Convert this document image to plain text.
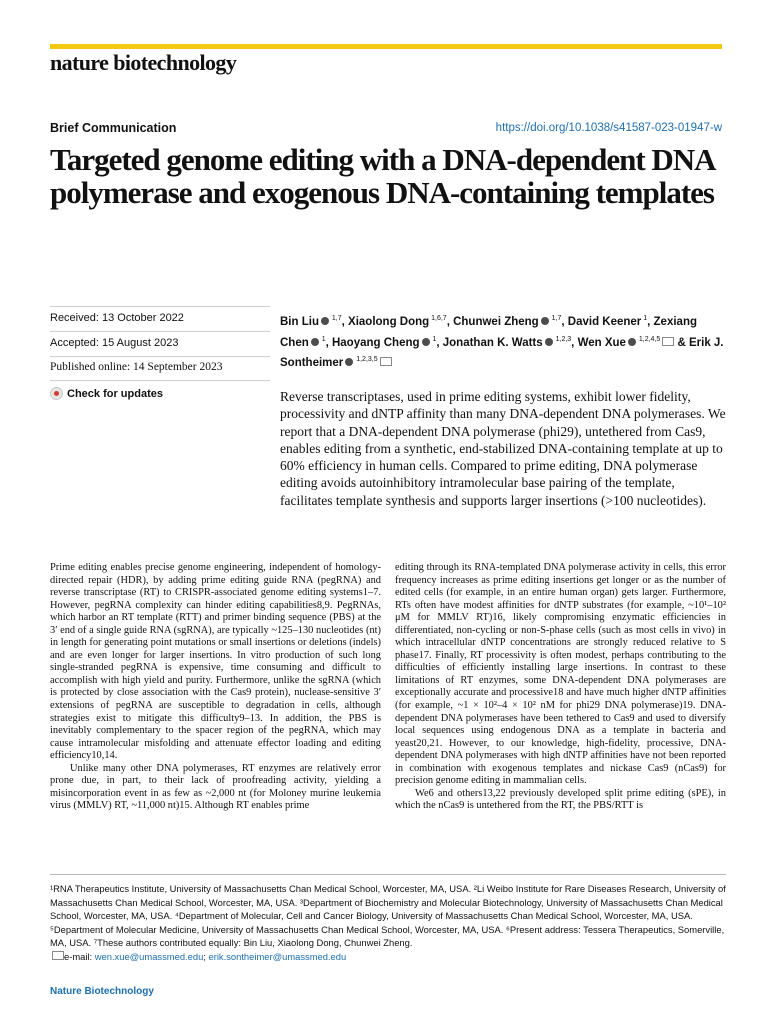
nature biotechnology
Brief Communication	https://doi.org/10.1038/s41587-023-01947-w
Targeted genome editing with a DNA-dependent DNA polymerase and exogenous DNA-containing templates
Received: 13 October 2022
Accepted: 15 August 2023
Published online: 14 September 2023
Check for updates
Bin Liu $^{1,7}$, Xiaolong Dong $^{1,6,7}$, Chunwei Zheng $^{1,7}$, David Keener $^1$, Zexiang Chen $^1$, Haoyang Cheng $^1$, Jonathan K. Watts $^{1,2,3}$, Wen Xue $^{1,2,4,5}$ & Erik J. Sontheimer $^{1,2,3,5}$

Reverse transcriptases, used in prime editing systems, exhibit lower fidelity, processivity and dNTP affinity than many DNA-dependent DNA polymerases. We report that a DNA-dependent DNA polymerase (phi29), untethered from Cas9, enables editing from a synthetic, end-stabilized DNA-containing template at up to 60% efficiency in human cells. Compared to prime editing, DNA polymerase editing avoids autoinhibitory intramolecular base pairing of the template, facilitates template synthesis and supports larger insertions (>100 nucleotides).

Prime editing enables precise genome engineering, independent of homology-directed repair (HDR), by adding prime editing guide RNA (pegRNA) and reverse transcriptase (RT) to CRISPR-associated genome editing systems1–7. However, pegRNA complexity can hinder editing capabilities8,9. PegRNAs, which harbor an RT template (RTT) and primer binding sequence (PBS) at the 3′ end of a single guide RNA (sgRNA), are typically ~125–130 nucleotides (nt) in length for generating point mutations or small insertions or deletions (indels) and are even longer for larger insertions. In vitro production of such long single-stranded pegRNA is expensive, time consuming and difficult to accomplish with high yield and purity. Furthermore, unlike the sgRNA (which is protected by close association with the Cas9 protein), nuclease-sensitive 3′ extensions of pegRNA are susceptible to degradation in cells, although strategies exist to mitigate this difficulty9–13. In addition, the PBS is inevitably complementary to the spacer region of the pegRNA, which may cause intramolecular misfolding and attenuate effector loading and editing efficiency10,14.

Unlike many other DNA polymerases, RT enzymes are relatively error prone due, in part, to their lack of proofreading activity, yielding a misincorporation event in as few as ~2,000 nt (for Moloney murine leukemia virus (MMLV) RT, ~11,000 nt)15. Although RT enables prime

editing through its RNA-templated DNA polymerase activity in cells, this error frequency increases as prime editing insertions get longer or as the number of edited cells (for example, in an entire human organ) gets larger. Furthermore, RTs often have modest affinities for dNTP substrates (for example, ~10¹–10² μM for MMLV RT)16, likely compromising enzymatic efficiencies in differentiated, non-cycling or non-S-phase cells (such as most cells in vivo) in which intracellular dNTP concentrations are strongly reduced relative to S phase17. Finally, RT processivity is often modest, perhaps contributing to the difficulties of efficiently installing large insertions. In contrast to these limitations of RT enzymes, some DNA-dependent DNA polymerases are exceptionally accurate and processive18 and have much higher dNTP affinities (for example, ~1 × 10²–4 × 10² nM for phi29 DNA polymerase)19. DNA-dependent DNA polymerases have been tethered to Cas9 and used to diversify local sequences using endogenous DNA as a template in bacteria and yeast20,21. However, to our knowledge, high-fidelity, processive, DNA-dependent DNA polymerases with high dNTP affinities have not been reported in combination with exogenous templates and nickase Cas9 (nCas9) for precision genome editing in mammalian cells.

We6 and others13,22 previously developed split prime editing (sPE), in which the nCas9 is untethered from the RT, the PBS/RTT is

¹RNA Therapeutics Institute, University of Massachusetts Chan Medical School, Worcester, MA, USA. ²Li Weibo Institute for Rare Diseases Research, University of Massachusetts Chan Medical School, Worcester, MA, USA. ³Department of Biochemistry and Molecular Biotechnology, University of Massachusetts Chan Medical School, Worcester, MA, USA. ⁴Department of Molecular, Cell and Cancer Biology, University of Massachusetts Chan Medical School, Worcester, MA, USA. ⁵Department of Molecular Medicine, University of Massachusetts Chan Medical School, Worcester, MA, USA. ⁶Present address: Tessera Therapeutics, Somerville, MA, USA. ⁷These authors contributed equally: Bin Liu, Xiaolong Dong, Chunwei Zheng.
e-mail: wen.xue@umassmed.edu; erik.sontheimer@umassmed.edu
Nature Biotechnology
